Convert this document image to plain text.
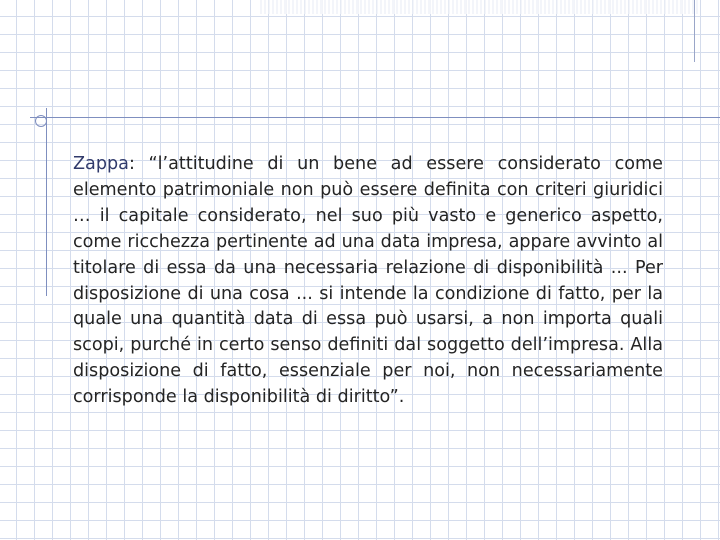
Zappa: “l’attitudine di un bene ad essere considerato come elemento patrimoniale non può essere definita con criteri giuridici … il capitale considerato, nel suo più vasto e generico aspetto, come ricchezza pertinente ad una data impresa, appare avvinto al titolare di essa da una necessaria relazione di disponibilità ... Per disposizione di una cosa ... si intende la condizione di fatto, per la quale una quantità data di essa può usarsi, a non importa quali scopi, purché in certo senso definiti dal soggetto dell’impresa. Alla disposizione di fatto, essenziale per noi, non necessariamente corrisponde la disponibilità di diritto”.
